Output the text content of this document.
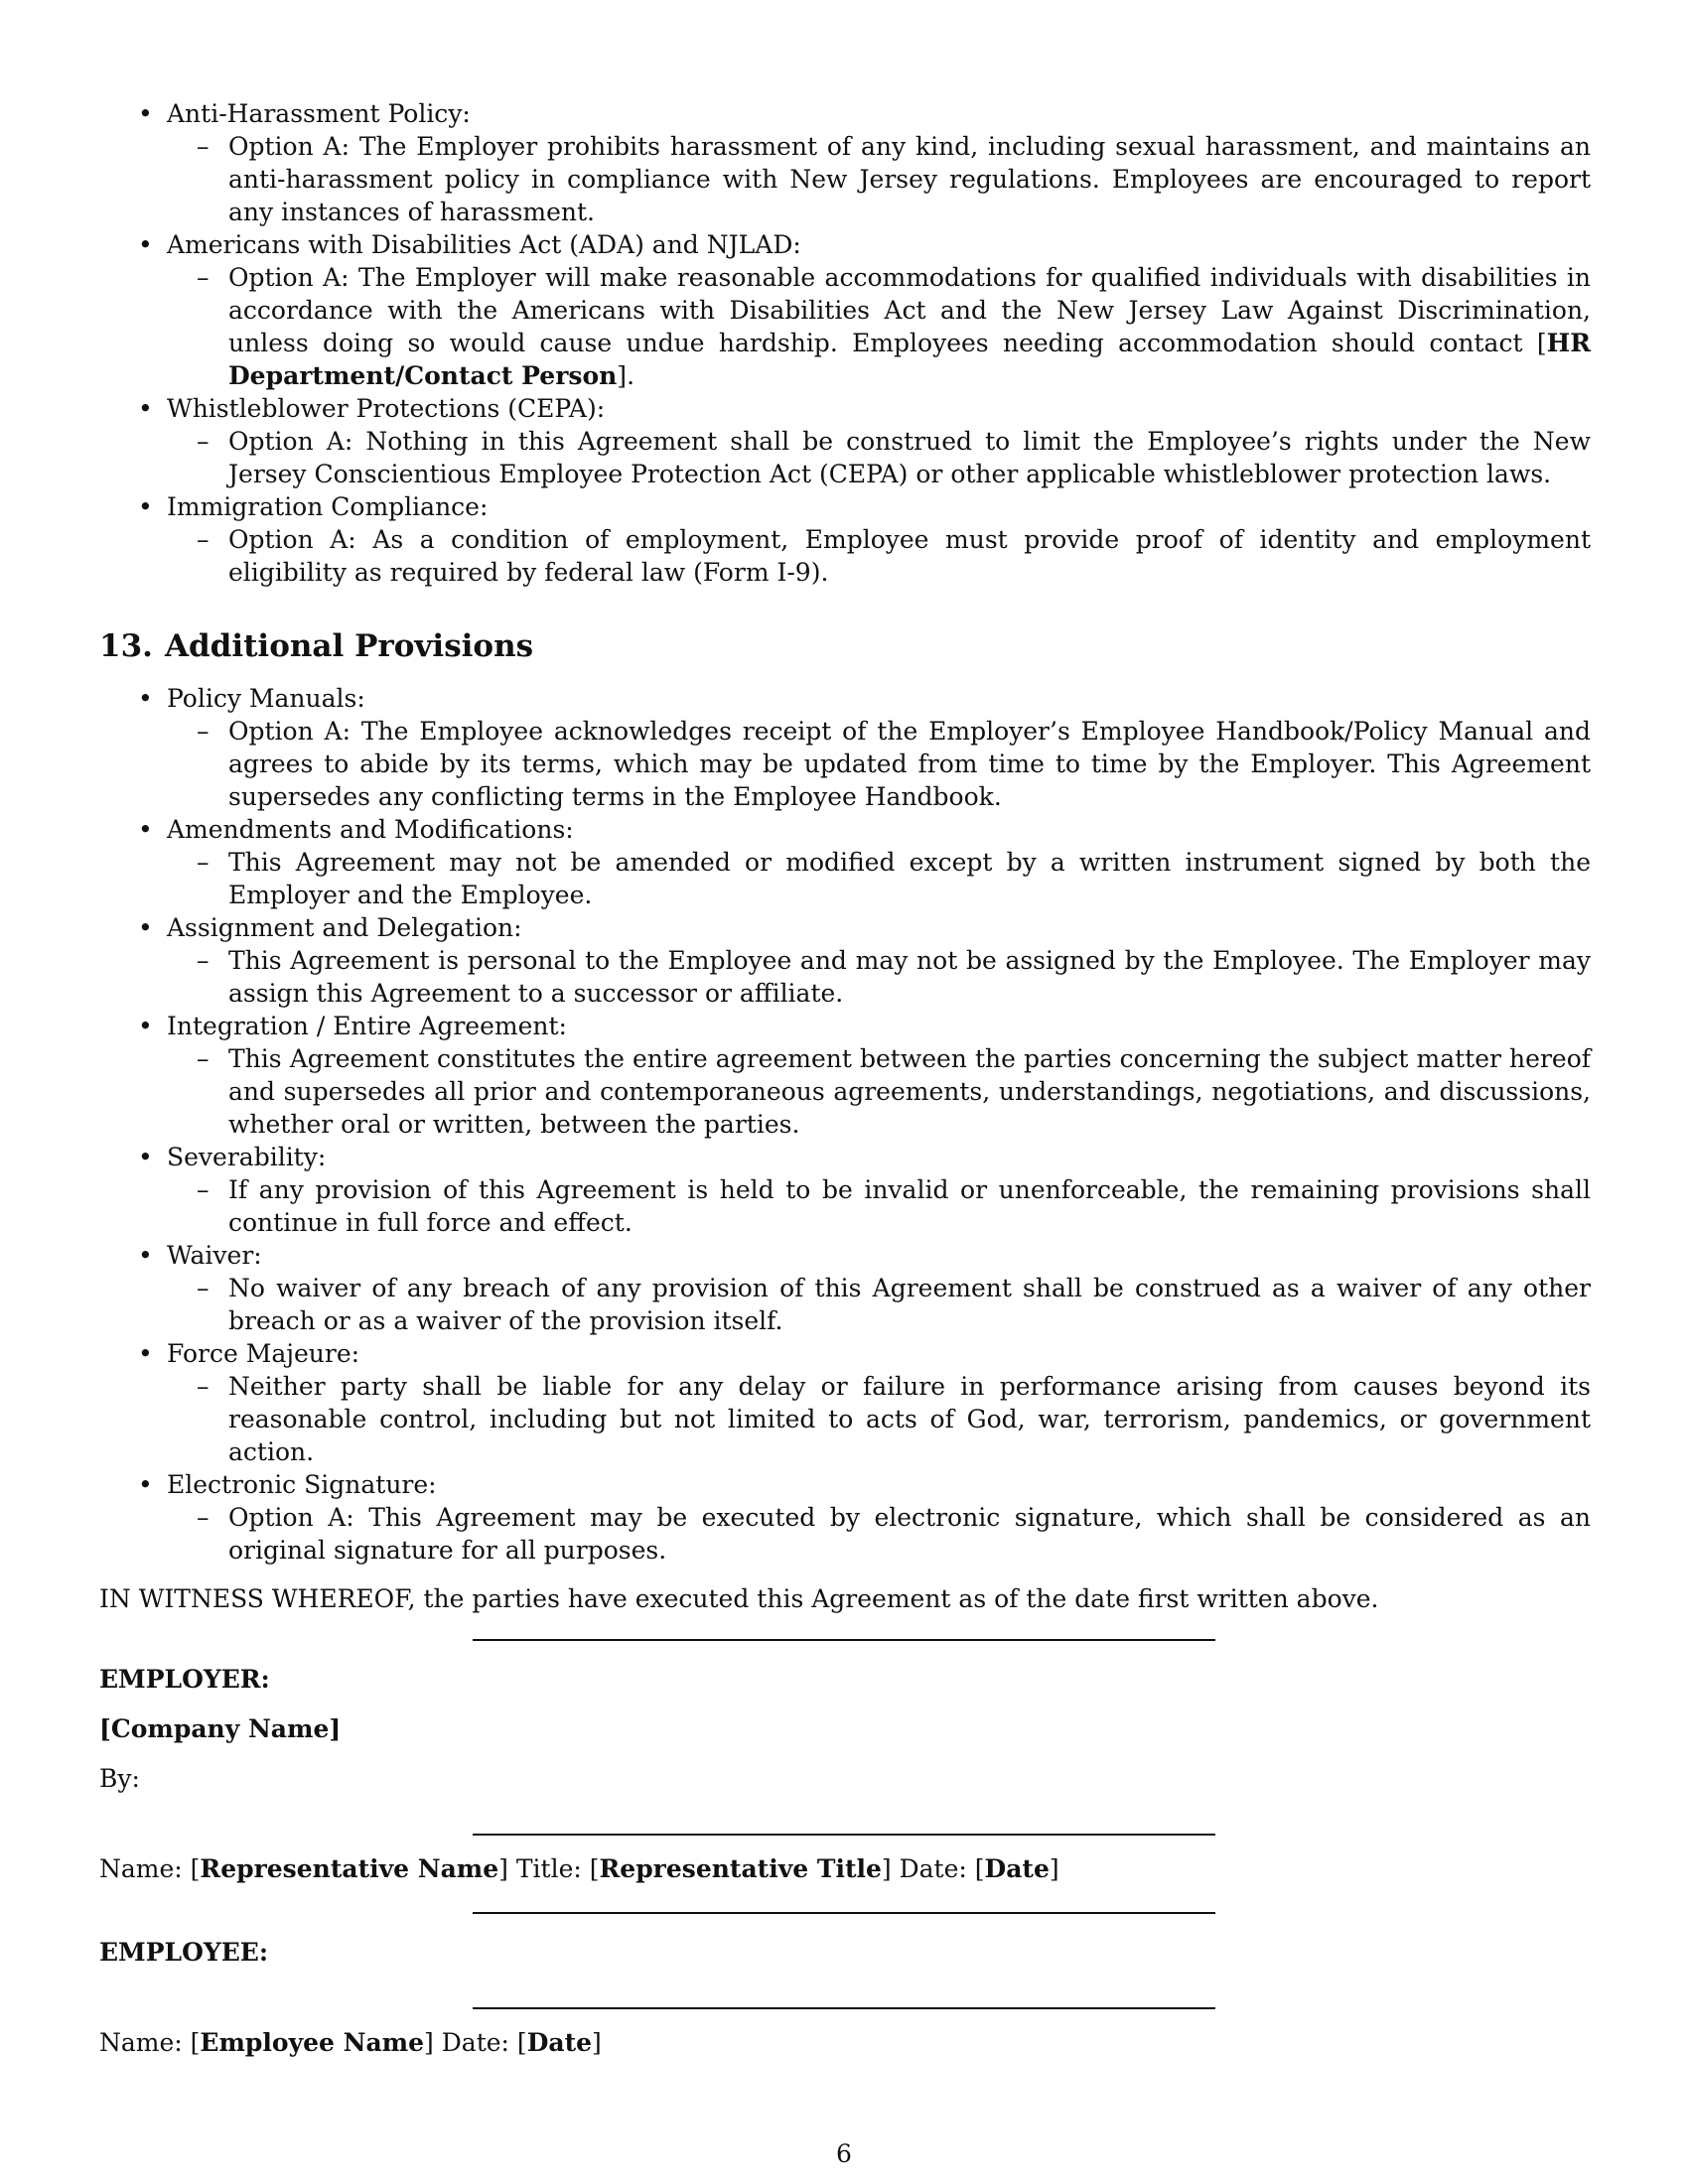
• Anti-Harassment Policy:
– Option A: The Employer prohibits harassment of any kind, including sexual harassment, and maintains an anti-harassment policy in compliance with New Jersey regulations. Employees are encouraged to report any instances of harassment.
• Americans with Disabilities Act (ADA) and NJLAD:
– Option A: The Employer will make reasonable accommodations for qualified individuals with disabilities in accordance with the Americans with Disabilities Act and the New Jersey Law Against Discrimination, unless doing so would cause undue hardship. Employees needing accommodation should contact [HR Department/Contact Person].
• Whistleblower Protections (CEPA):
– Option A: Nothing in this Agreement shall be construed to limit the Employee’s rights under the New Jersey Conscientious Employee Protection Act (CEPA) or other applicable whistleblower protection laws.
• Immigration Compliance:
– Option A: As a condition of employment, Employee must provide proof of identity and employment eligibility as required by federal law (Form I-9).
13. Additional Provisions
• Policy Manuals:
– Option A: The Employee acknowledges receipt of the Employer’s Employee Handbook/Policy Manual and agrees to abide by its terms, which may be updated from time to time by the Employer. This Agreement supersedes any conflicting terms in the Employee Handbook.
• Amendments and Modifications:
– This Agreement may not be amended or modified except by a written instrument signed by both the Employer and the Employee.
• Assignment and Delegation:
– This Agreement is personal to the Employee and may not be assigned by the Employee. The Employer may assign this Agreement to a successor or affiliate.
• Integration / Entire Agreement:
– This Agreement constitutes the entire agreement between the parties concerning the subject matter hereof and supersedes all prior and contemporaneous agreements, understandings, negotiations, and discussions, whether oral or written, between the parties.
• Severability:
– If any provision of this Agreement is held to be invalid or unenforceable, the remaining provisions shall continue in full force and effect.
• Waiver:
– No waiver of any breach of any provision of this Agreement shall be construed as a waiver of any other breach or as a waiver of the provision itself.
• Force Majeure:
– Neither party shall be liable for any delay or failure in performance arising from causes beyond its reasonable control, including but not limited to acts of God, war, terrorism, pandemics, or government action.
• Electronic Signature:
– Option A: This Agreement may be executed by electronic signature, which shall be considered as an original signature for all purposes.
IN WITNESS WHEREOF, the parties have executed this Agreement as of the date first written above.
EMPLOYER:
[Company Name]
By:
Name: [Representative Name] Title: [Representative Title] Date: [Date]
EMPLOYEE:
Name: [Employee Name] Date: [Date]
6
